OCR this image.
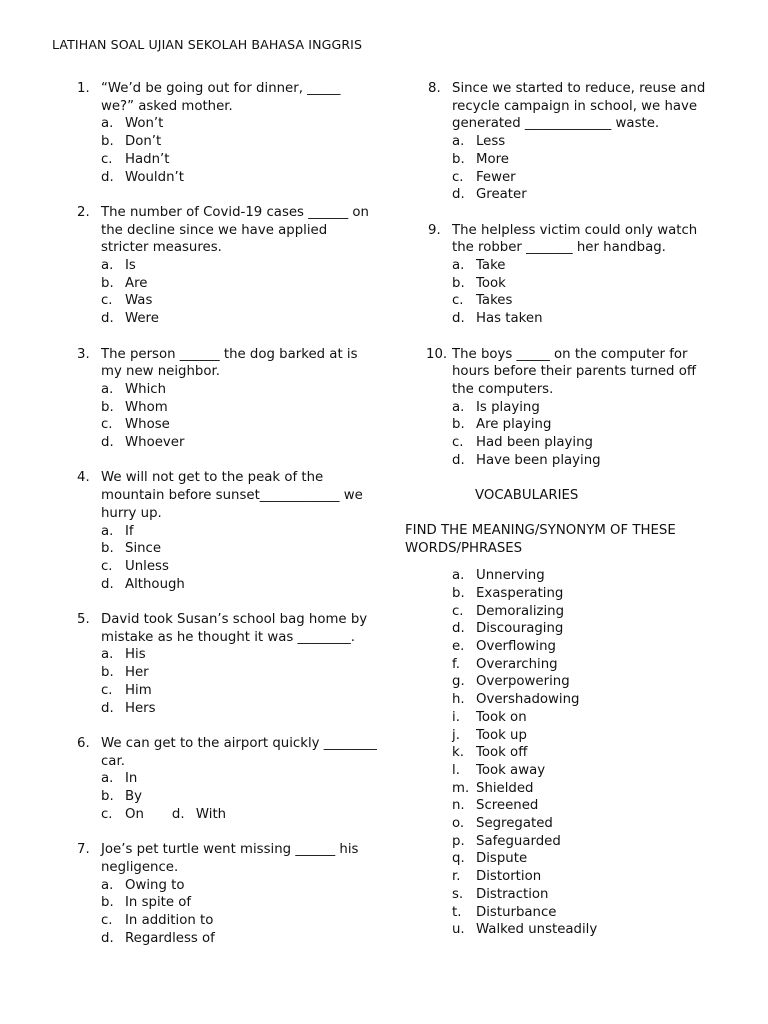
LATIHAN SOAL UJIAN SEKOLAH BAHASA INGGRIS
1. “We’d be going out for dinner, _____ we?” asked mother.
a. Won’t
b. Don’t
c. Hadn’t
d. Wouldn’t
2. The number of Covid-19 cases ______ on the decline since we have applied stricter measures.
a. Is
b. Are
c. Was
d. Were
3. The person ______ the dog barked at is my new neighbor.
a. Which
b. Whom
c. Whose
d. Whoever
4. We will not get to the peak of the mountain before sunset____________ we hurry up.
a. If
b. Since
c. Unless
d. Although
5. David took Susan’s school bag home by mistake as he thought it was ________.
a. His
b. Her
c. Him
d. Hers
6. We can get to the airport quickly ________ car.
a. In
b. By
c. On d. With
7. Joe’s pet turtle went missing ______ his negligence.
a. Owing to
b. In spite of
c. In addition to
d. Regardless of
8. Since we started to reduce, reuse and recycle campaign in school, we have generated _____________ waste.
a. Less
b. More
c. Fewer
d. Greater
9. The helpless victim could only watch the robber _______ her handbag.
a. Take
b. Took
c. Takes
d. Has taken
10. The boys _____ on the computer for hours before their parents turned off the computers.
a. Is playing
b. Are playing
c. Had been playing
d. Have been playing
VOCABULARIES
FIND THE MEANING/SYNONYM OF THESE WORDS/PHRASES
a. Unnerving
b. Exasperating
c. Demoralizing
d. Discouraging
e. Overflowing
f.	Overarching
g. Overpowering
h. Overshadowing
i.	Took on
j.	Took up
k. Took off
l.	Took away
m. Shielded
n. Screened
o. Segregated
p. Safeguarded
q. Dispute
r.	Distortion
s. Distraction
t.	Disturbance
u. Walked unsteadily
